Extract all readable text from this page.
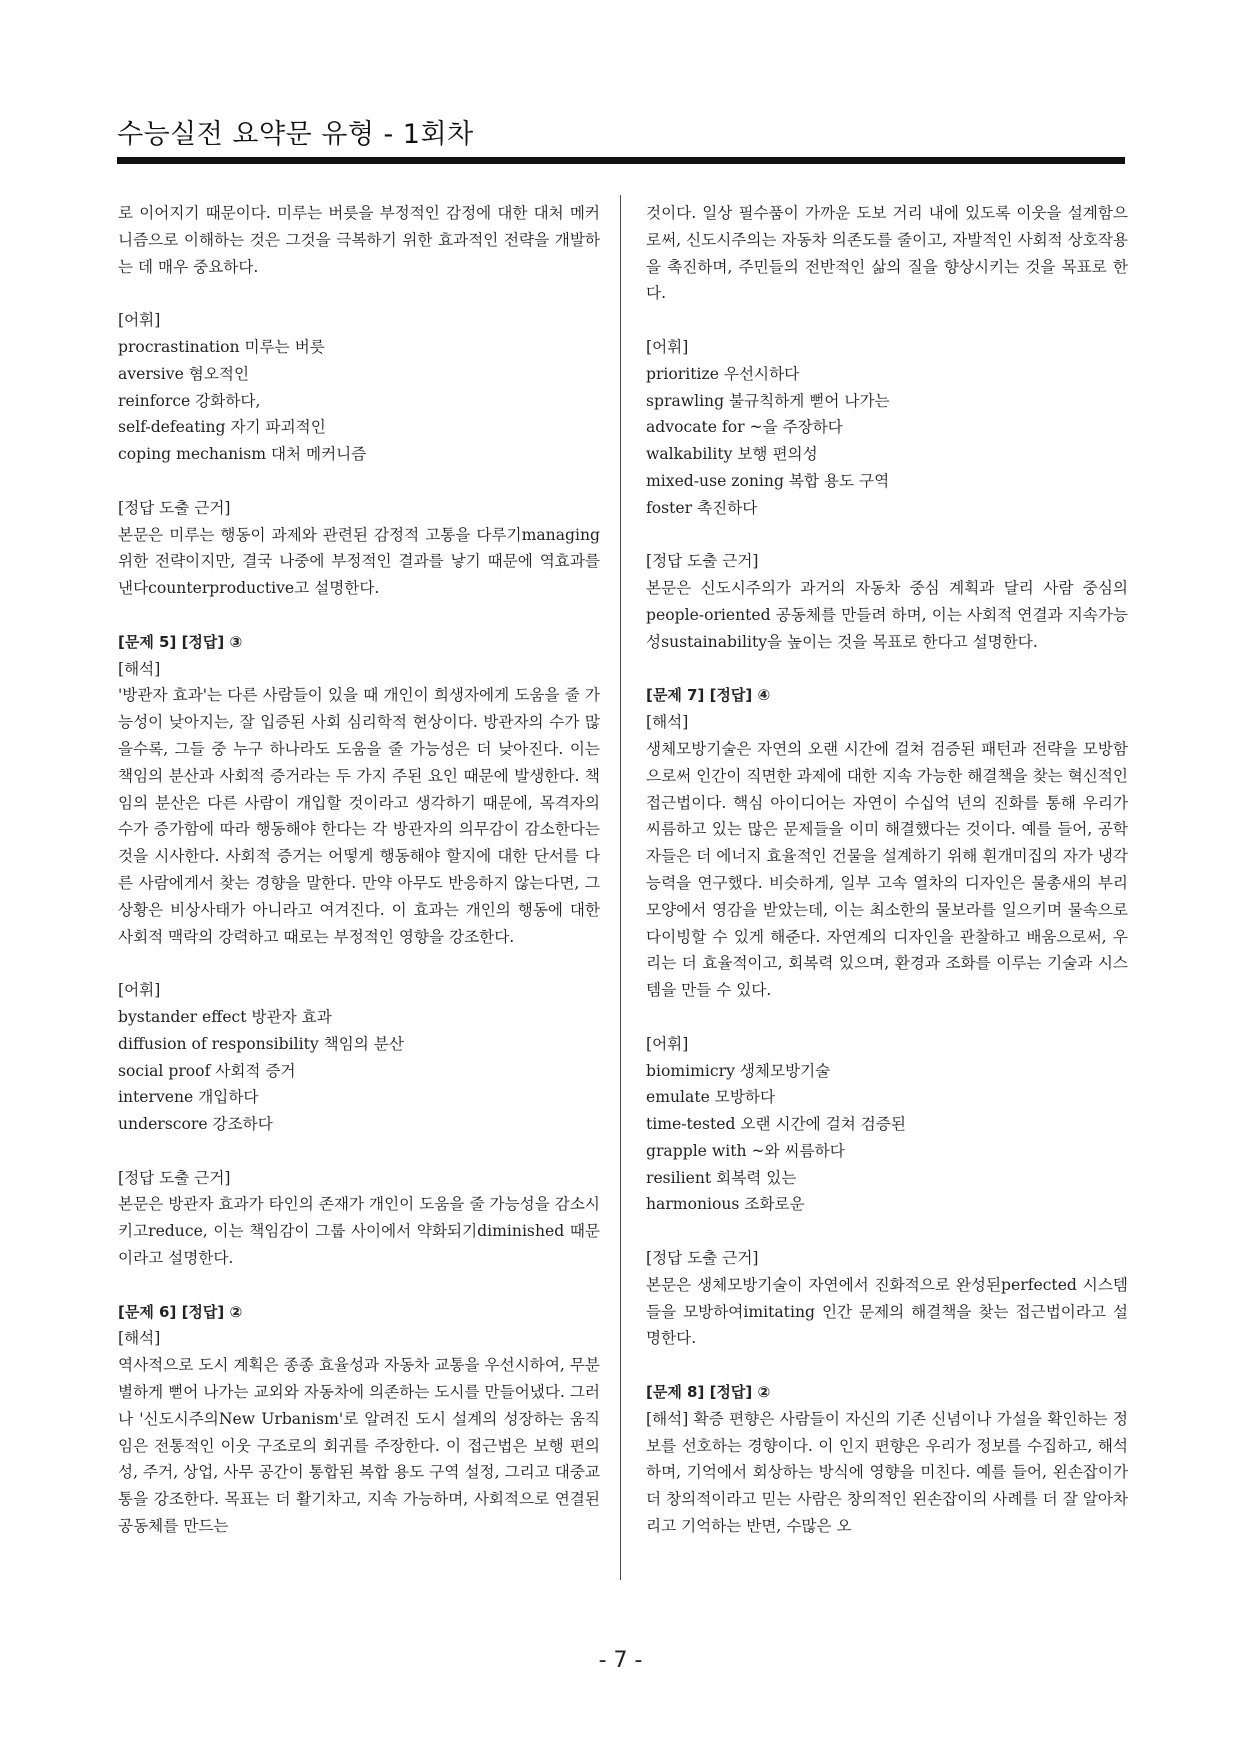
수능실전 요약문 유형 - 1회차

로 이어지기 때문이다. 미루는 버릇을 부정적인 감정에 대한 대처 메커니즘으로 이해하는 것은 그것을 극복하기 위한 효과적인 전략을 개발하는 데 매우 중요하다.

[어휘]
procrastination 미루는 버릇
aversive 혐오적인
reinforce 강화하다,
self-defeating 자기 파괴적인
coping mechanism 대처 메커니즘
[정답 도출 근거]

본문은 미루는 행동이 과제와 관련된 감정적 고통을 다루기managing 위한 전략이지만, 결국 나중에 부정적인 결과를 낳기 때문에 역효과를 낸다counterproductive고 설명한다.

[문제 5] [정답] ③
[해석]

'방관자 효과'는 다른 사람들이 있을 때 개인이 희생자에게 도움을 줄 가능성이 낮아지는, 잘 입증된 사회 심리학적 현상이다. 방관자의 수가 많을수록, 그들 중 누구 하나라도 도움을 줄 가능성은 더 낮아진다. 이는 책임의 분산과 사회적 증거라는 두 가지 주된 요인 때문에 발생한다. 책임의 분산은 다른 사람이 개입할 것이라고 생각하기 때문에, 목격자의 수가 증가함에 따라 행동해야 한다는 각 방관자의 의무감이 감소한다는 것을 시사한다. 사회적 증거는 어떻게 행동해야 할지에 대한 단서를 다른 사람에게서 찾는 경향을 말한다. 만약 아무도 반응하지 않는다면, 그 상황은 비상사태가 아니라고 여겨진다. 이 효과는 개인의 행동에 대한 사회적 맥락의 강력하고 때로는 부정적인 영향을 강조한다.

[어휘]
bystander effect 방관자 효과
diffusion of responsibility 책임의 분산
social proof 사회적 증거
intervene 개입하다
underscore 강조하다
[정답 도출 근거]

본문은 방관자 효과가 타인의 존재가 개인이 도움을 줄 가능성을 감소시키고reduce, 이는 책임감이 그룹 사이에서 약화되기diminished 때문이라고 설명한다.

[문제 6] [정답] ②
[해석]

역사적으로 도시 계획은 종종 효율성과 자동차 교통을 우선시하여, 무분별하게 뻗어 나가는 교외와 자동차에 의존하는 도시를 만들어냈다. 그러나 '신도시주의New Urbanism'로 알려진 도시 설계의 성장하는 움직임은 전통적인 이웃 구조로의 회귀를 주장한다. 이 접근법은 보행 편의성, 주거, 상업, 사무 공간이 통합된 복합 용도 구역 설정, 그리고 대중교통을 강조한다. 목표는 더 활기차고, 지속 가능하며, 사회적으로 연결된 공동체를 만드는

것이다. 일상 필수품이 가까운 도보 거리 내에 있도록 이웃을 설계함으로써, 신도시주의는 자동차 의존도를 줄이고, 자발적인 사회적 상호작용을 촉진하며, 주민들의 전반적인 삶의 질을 향상시키는 것을 목표로 한다.

[어휘]
prioritize 우선시하다
sprawling 불규칙하게 뻗어 나가는
advocate for ~을 주장하다
walkability 보행 편의성
mixed-use zoning 복합 용도 구역
foster 촉진하다
[정답 도출 근거]

본문은 신도시주의가 과거의 자동차 중심 계획과 달리 사람 중심의people-oriented 공동체를 만들려 하며, 이는 사회적 연결과 지속가능성sustainability을 높이는 것을 목표로 한다고 설명한다.

[문제 7] [정답] ④
[해석]

생체모방기술은 자연의 오랜 시간에 걸쳐 검증된 패턴과 전략을 모방함으로써 인간이 직면한 과제에 대한 지속 가능한 해결책을 찾는 혁신적인 접근법이다. 핵심 아이디어는 자연이 수십억 년의 진화를 통해 우리가 씨름하고 있는 많은 문제들을 이미 해결했다는 것이다. 예를 들어, 공학자들은 더 에너지 효율적인 건물을 설계하기 위해 흰개미집의 자가 냉각 능력을 연구했다. 비슷하게, 일부 고속 열차의 디자인은 물총새의 부리 모양에서 영감을 받았는데, 이는 최소한의 물보라를 일으키며 물속으로 다이빙할 수 있게 해준다. 자연계의 디자인을 관찰하고 배움으로써, 우리는 더 효율적이고, 회복력 있으며, 환경과 조화를 이루는 기술과 시스템을 만들 수 있다.

[어휘]
biomimicry 생체모방기술
emulate 모방하다
time-tested 오랜 시간에 걸쳐 검증된
grapple with ~와 씨름하다
resilient 회복력 있는
harmonious 조화로운
[정답 도출 근거]

본문은 생체모방기술이 자연에서 진화적으로 완성된perfected 시스템들을 모방하여imitating 인간 문제의 해결책을 찾는 접근법이라고 설명한다.

[문제 8] [정답] ②

[해석] 확증 편향은 사람들이 자신의 기존 신념이나 가설을 확인하는 정보를 선호하는 경향이다. 이 인지 편향은 우리가 정보를 수집하고, 해석하며, 기억에서 회상하는 방식에 영향을 미친다. 예를 들어, 왼손잡이가 더 창의적이라고 믿는 사람은 창의적인 왼손잡이의 사례를 더 잘 알아차리고 기억하는 반면, 수많은 오

- 7 -
